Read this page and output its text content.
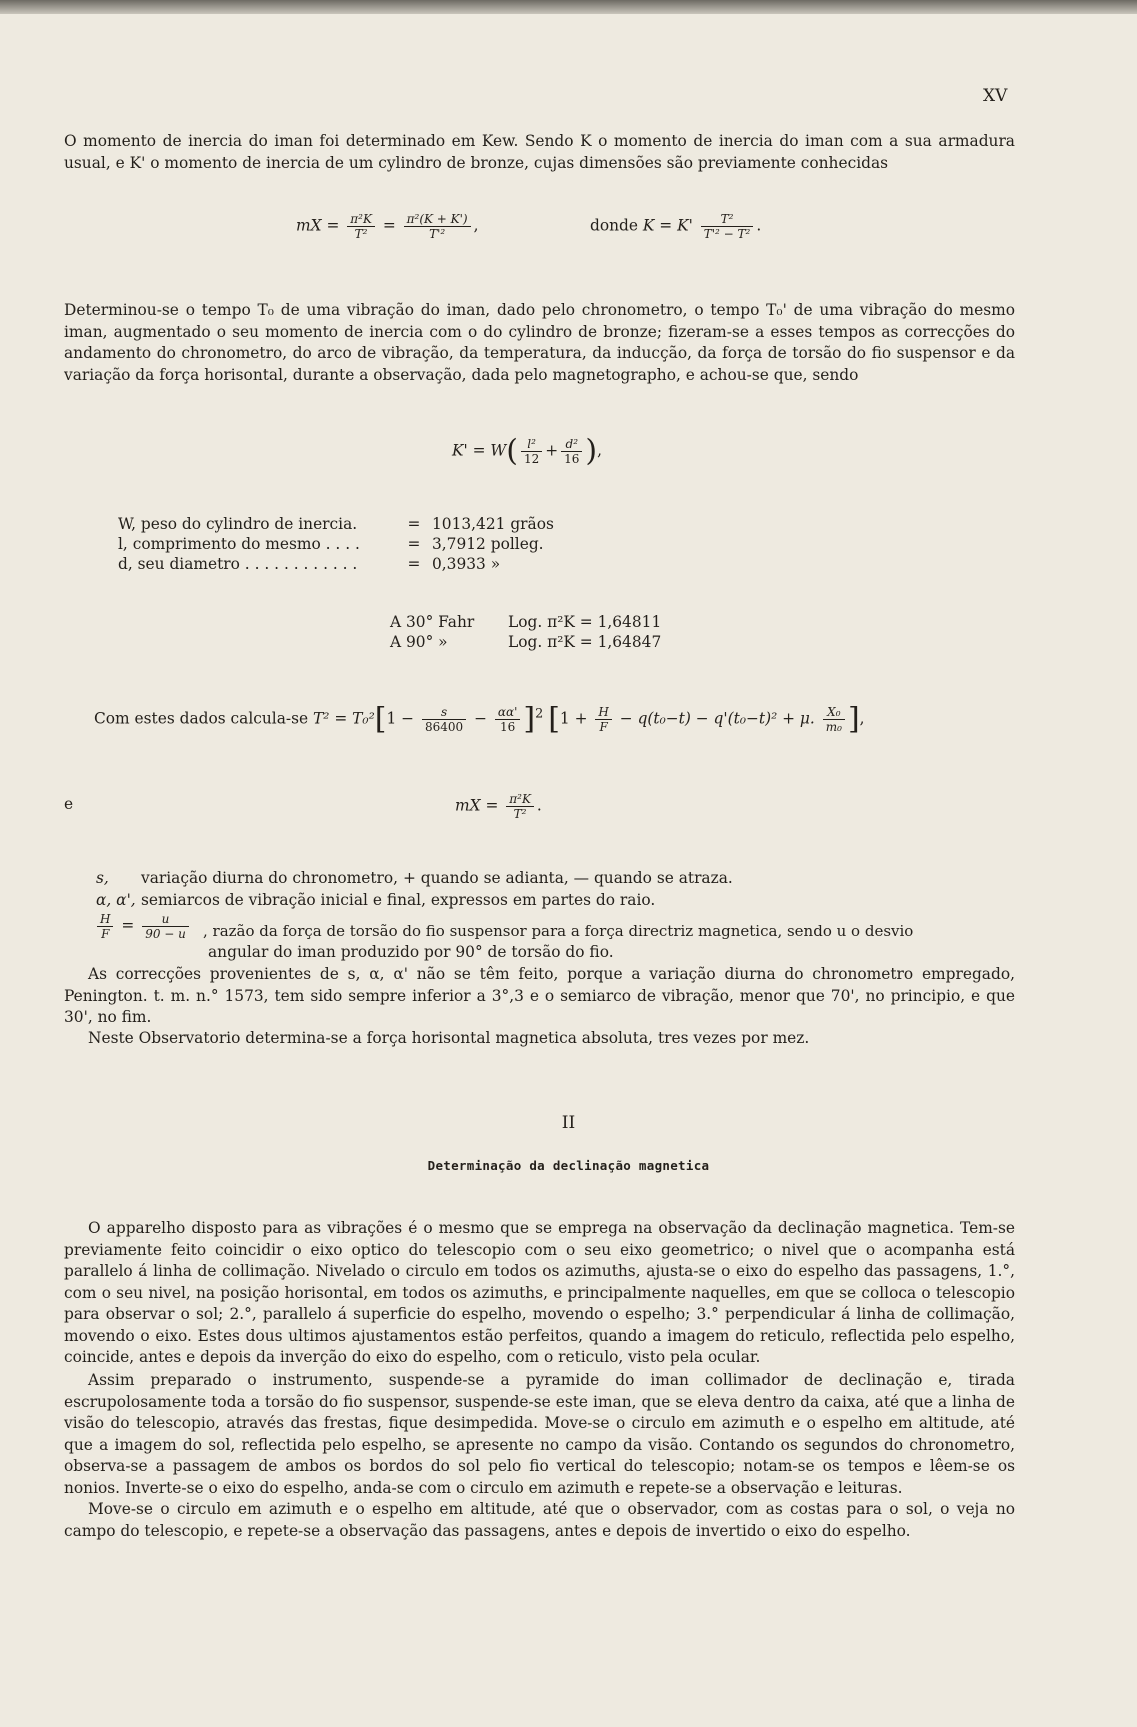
XV

O momento de inercia do iman foi determinado em Kew. Sendo K o momento de inercia do iman com a sua armadura usual, e K' o momento de inercia de um cylindro de bronze, cujas dimensões são previamente conhecidas

mX = $\frac{\text{π²K}}{\text{T²}} = \frac{\text{π²(K + K')}}{\text{T'²}}$ ,	donde $K = K' \frac{\text{T²}}{\text{T'² − T²}}$ .

Determinou-se o tempo T₀ de uma vibração do iman, dado pelo chronometro, o tempo T₀' de uma vibração do mesmo iman, augmentado o seu momento de inercia com o do cylindro de bronze; fizeram-se a esses tempos as correcções do andamento do chronometro, do arco de vibração, da temperatura, da inducção, da força de torsão do fio suspensor e da variação da força horisontal, durante a observação, dada pelo magnetographo, e achou-se que, sendo

$K' = W( \frac{\text{l²}}{12} + \frac{\text{d²}}{16}$ ),
W, peso do cylindro de inercia.	= 1013,421 grãos
l, comprimento do mesmo . . . .	= 3,7912 polleg.
d, seu diametro . . . . . . . . . . . .	= 0,3933 »
A 30° Fahr Log. π²K = 1,64811
A 90° »	Log. π²K = 1,64847
Com estes dados calcula-se $T^2 = T_0^2[1 - \frac{s}{86400} - \frac{\alpha\alpha'}{16} ]^2$ [$1 + \frac{H}{F} - q(t_0-t) - q'(t_0-t)^2 + \mu$. $\frac{\text{X₀}}{\text{m₀}}$ ],
e	mX = $\frac{\text{π²K}}{\text{T²}}$ .
s, variação diurna do chronometro, + quando se adianta, — quando se atraza.
α, α', semiarcos de vibração inicial e final, expressos em partes do raio.
$\frac{H}{F} = \frac{u}{90 - u}$ , razão da força de torsão do fio suspensor para a força directriz magnetica, sendo u o desvio
angular do iman produzido por 90° de torsão do fio.

As correcções provenientes de s, α, α' não se têm feito, porque a variação diurna do chronometro empregado, Penington. t. m. n.° 1573, tem sido sempre inferior a 3°,3 e o semiarco de vibração, menor que 70', no principio, e que 30', no fim.

Neste Observatorio determina-se a força horisontal magnetica absoluta, tres vezes por mez.

II
Determinação da declinação magnetica

O apparelho disposto para as vibrações é o mesmo que se emprega na observação da declinação magnetica. Tem-se previamente feito coincidir o eixo optico do telescopio com o seu eixo geometrico; o nivel que o acompanha está parallelo á linha de collimação. Nivelado o circulo em todos os azimuths, ajusta-se o eixo do espelho das passagens, 1.°, com o seu nivel, na posição horisontal, em todos os azimuths, e principalmente naquelles, em que se colloca o telescopio para observar o sol; 2.°, parallelo á superficie do espelho, movendo o espelho; 3.° perpendicular á linha de collimação, movendo o eixo. Estes dous ultimos ajustamentos estão perfeitos, quando a imagem do reticulo, reflectida pelo espelho, coincide, antes e depois da inverção do eixo do espelho, com o reticulo, visto pela ocular.

Assim preparado o instrumento, suspende-se a pyramide do iman collimador de declinação e, tirada escrupolosamente toda a torsão do fio suspensor, suspende-se este iman, que se eleva dentro da caixa, até que a linha de visão do telescopio, através das frestas, fique desimpedida. Move-se o circulo em azimuth e o espelho em altitude, até que a imagem do sol, reflectida pelo espelho, se apresente no campo da visão. Contando os segundos do chronometro, observa-se a passagem de ambos os bordos do sol pelo fio vertical do telescopio; notam-se os tempos e lêem-se os nonios. Inverte-se o eixo do espelho, anda-se com o circulo em azimuth e repete-se a observação e leituras.

Move-se o circulo em azimuth e o espelho em altitude, até que o observador, com as costas para o sol, o veja no campo do telescopio, e repete-se a observação das passagens, antes e depois de invertido o eixo do espelho.
